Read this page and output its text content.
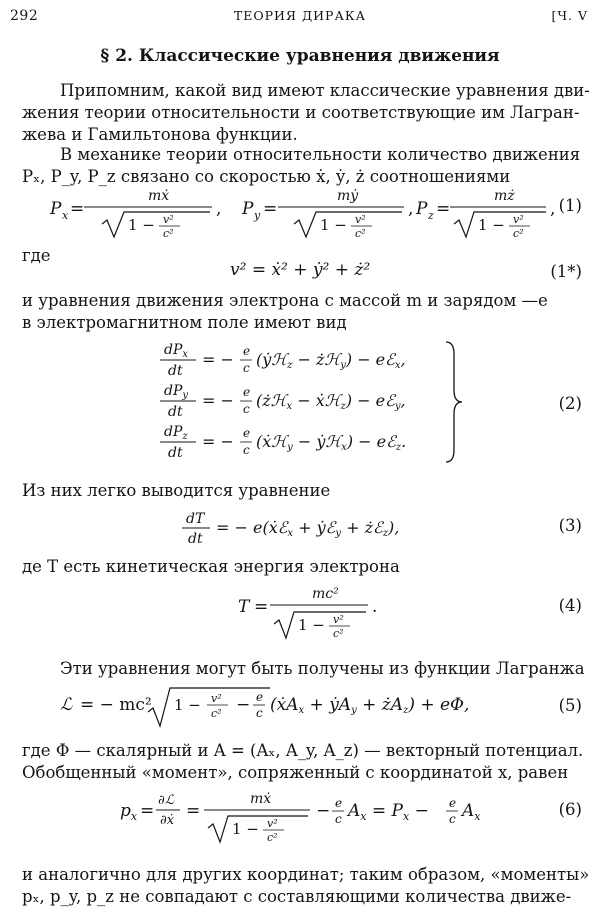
292	ТЕОРИЯ ДИРАКА	[Ч. V
§ 2. Классические уравнения движения
Припомним, какой вид имеют классические уравнения дви-
жения теории относительности и соответствующие им Лагран-
жева и Гамильтонова функции.
В механике теории относительности количество движения
Pₓ, P_y, P_z связано со скоростью ẋ, ẏ, ż соотношениями
P x =
mẋ
1 − v²
c²
, P y =
mẏ
1 − v²
c²
, P z =
mż
1 − v²
c²
, (1)
где
v² = ẋ² + ẏ² + ż²	(1*)
и уравнения движения электрона с массой m и зарядом —e
в электромагнитном поле имеют вид
$dP_x$
dt
= − e
c (ẏℋz − żℋy) − eℰx,
$dP_y$
dt
= − e
c (żℋx − ẋℋz) − eℰy,
$dP_z$
dt
= − e
c (ẋℋy − ẏℋx) − eℰz.
(2)
Из них легко выводится уравнение
dT
dt
= − e(ẋℰx + ẏℰy + żℰz),	(3)
де T есть кинетическая энергия электрона
T =
mc²
1 − v²
c²
.	(4)
Эти уравнения могут быть получены из функции Лагранжа
ℒ = − mc² 1 − v²
c² − e
c (ẋAx + ẏAy + żAz) + eΦ,	(5)
где Φ — скалярный и A = (Aₓ, A_y, A_z) — векторный потенциал.
Обобщенный «момент», сопряженный с координатой x, равен
$p_x$ =
∂ℒ
∂ẋ =
mẋ
1 − v²
c²
− e
c $A_x = P_x - e$
c $A_x$	(6)
и аналогично для других координат; таким образом, «моменты»
pₓ, p_y, p_z не совпадают с составляющими количества движе-
